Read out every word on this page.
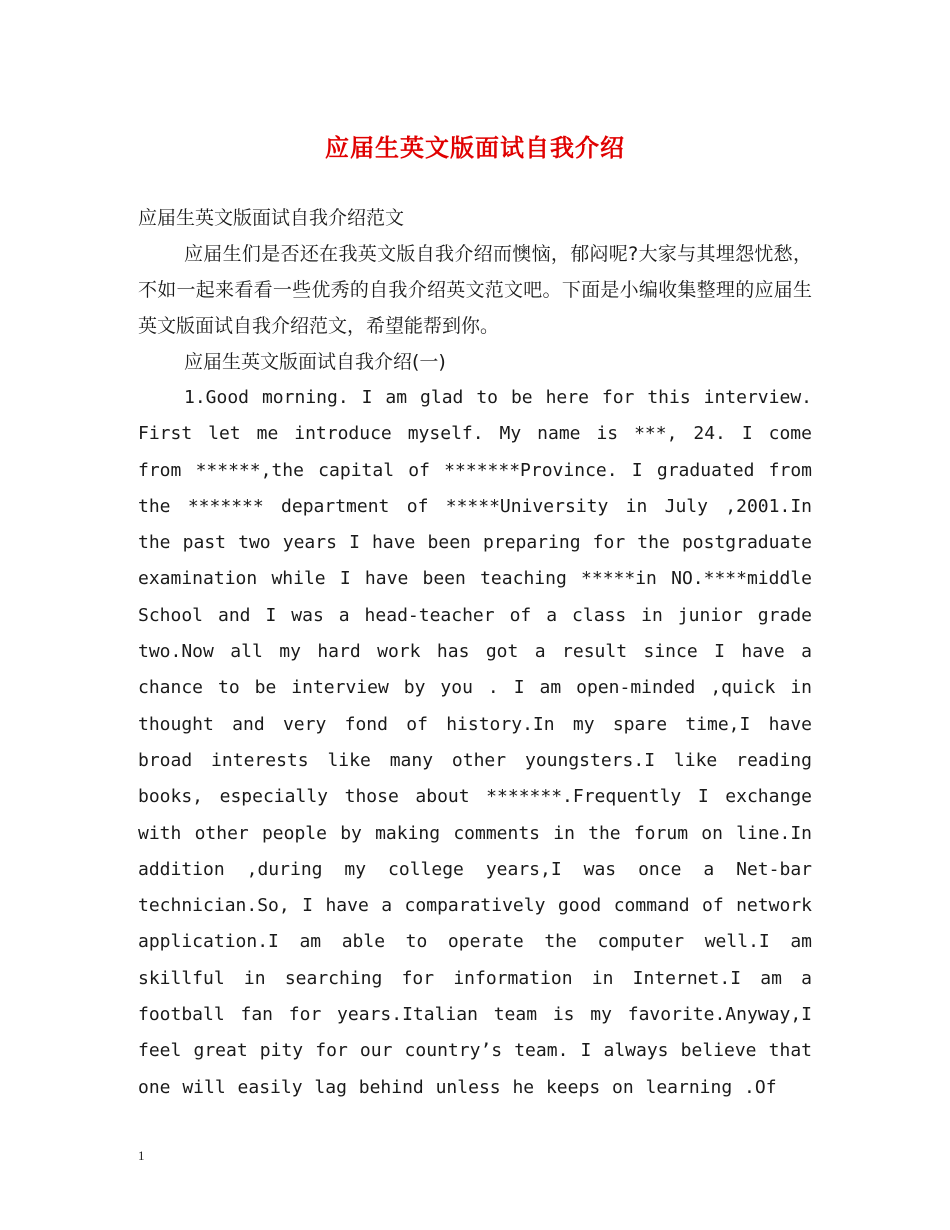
应届生英文版面试自我介绍

应届生英文版面试自我介绍范文

应届生们是否还在我英文版自我介绍而懊恼，郁闷呢?大家与其埋怨忧愁，不如一起来看看一些优秀的自我介绍英文范文吧。下面是小编收集整理的应届生英文版面试自我介绍范文，希望能帮到你。

应届生英文版面试自我介绍(一)

1.Good morning. I am glad to be here for this interview. First let me introduce myself. My name is ***, 24. I come from ******,the capital of *******Province. I graduated from the ******* department of *****University in July ,2001.In the past two years I have been preparing for the postgraduate examination while I have been teaching *****in NO.****middle School and I was a head-teacher of a class in junior grade two.Now all my hard work has got a result since I have a chance to be interview by you . I am open-minded ,quick in thought and very fond of history.In my spare time,I have broad interests like many other youngsters.I like reading books, especially those about *******.Frequently I exchange with other people by making comments in the forum on line.In addition ,during my college years,I was once a Net-bar technician.So, I have a comparatively good command of network application.I am able to operate the computer well.I am skillful in searching for information in Internet.I am a football fan for years.Italian team is my favorite.Anyway,I feel great pity for our country’s team. I always believe that one will easily lag behind unless he keeps on learning .Of

1
